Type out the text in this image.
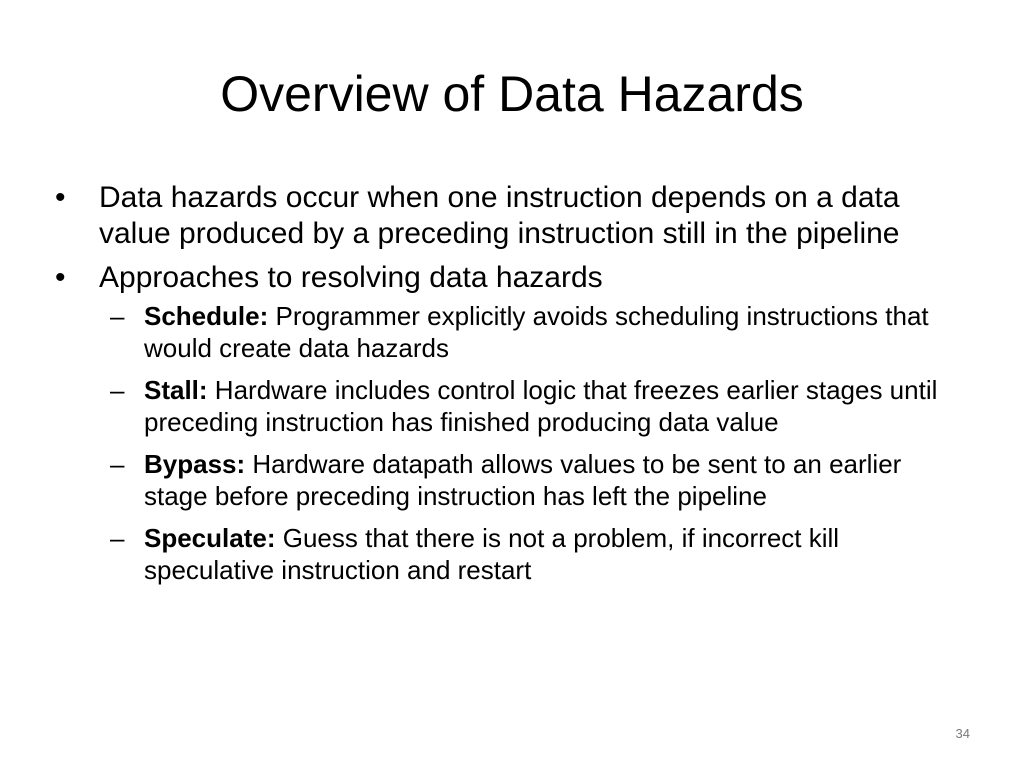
Overview of Data Hazards
• Data hazards occur when one instruction depends on a data value produced by a preceding instruction still in the pipeline
• Approaches to resolving data hazards
– Schedule: Programmer explicitly avoids scheduling instructions that would create data hazards
– Stall: Hardware includes control logic that freezes earlier stages until preceding instruction has finished producing data value
– Bypass: Hardware datapath allows values to be sent to an earlier stage before preceding instruction has left the pipeline
– Speculate: Guess that there is not a problem, if incorrect kill speculative instruction and restart
34
